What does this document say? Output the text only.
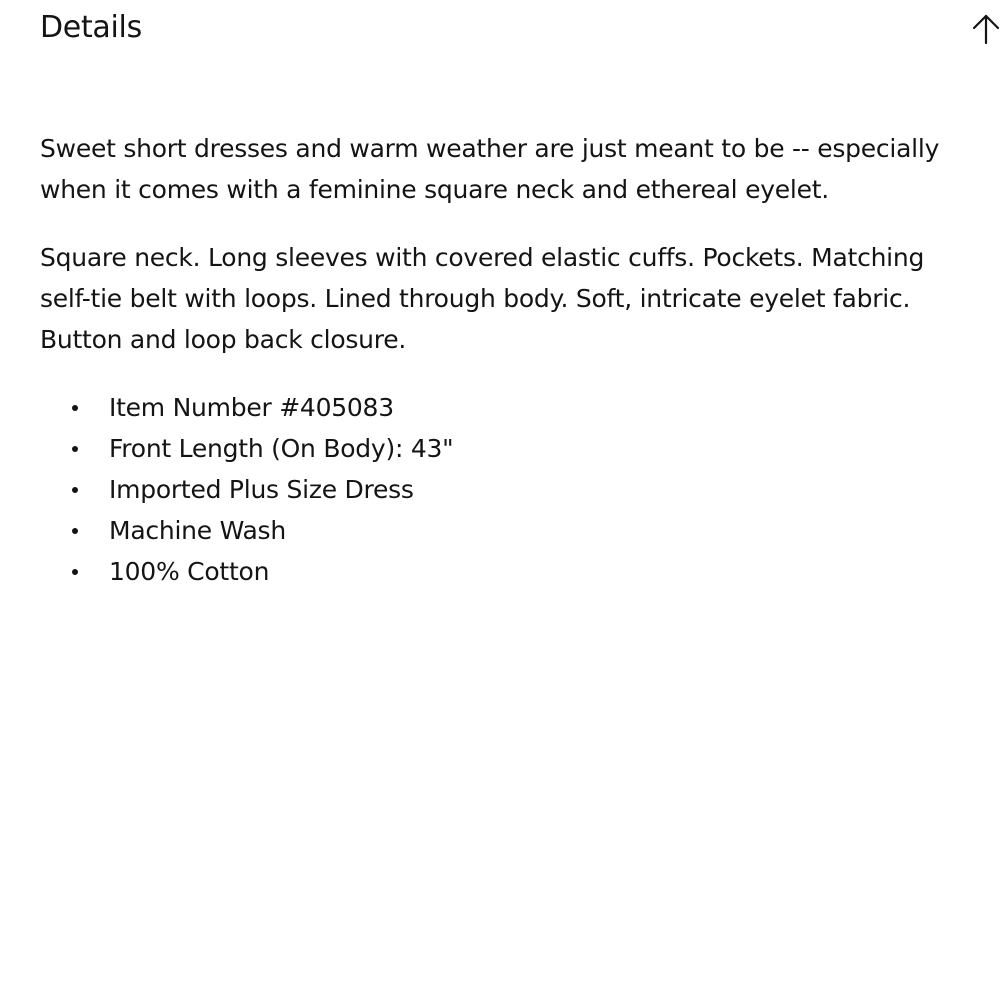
Details

Sweet short dresses and warm weather are just meant to be -- especially
when it comes with a feminine square neck and ethereal eyelet.

Square neck. Long sleeves with covered elastic cuffs. Pockets. Matching
self-tie belt with loops. Lined through body. Soft, intricate eyelet fabric.
Button and loop back closure.

Item Number #405083
Front Length (On Body): 43"
Imported Plus Size Dress
Machine Wash
100% Cotton
